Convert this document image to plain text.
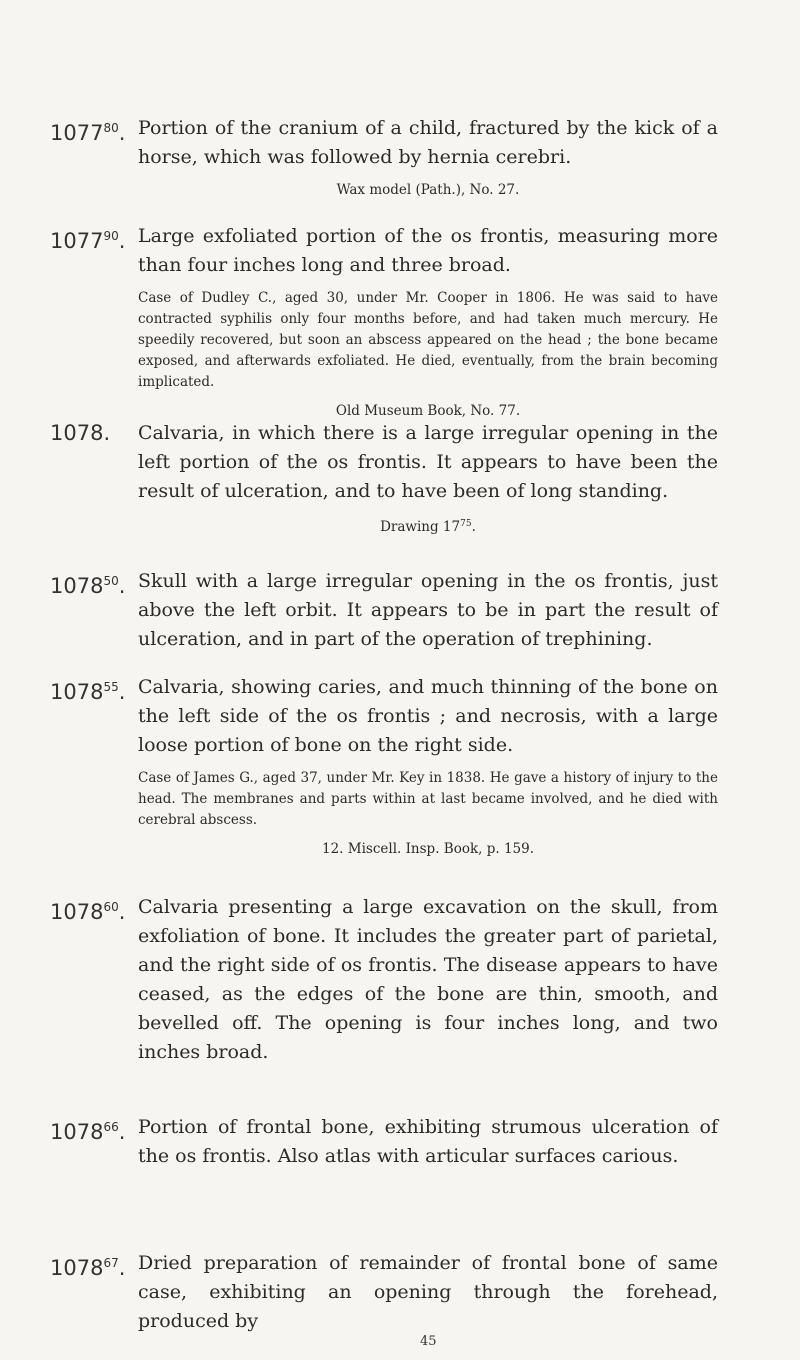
1077$^{80}$. Portion of the cranium of a child, fractured by the kick of a horse, which was followed by hernia cerebri.
Wax model (Path.), No. 27.
1077$^{90}$. Large exfoliated portion of the os frontis, measuring more than four inches long and three broad.
Case of Dudley C., aged 30, under Mr. Cooper in 1806. He was said to have contracted syphilis only four months before, and had taken much mercury. He speedily recovered, but soon an abscess appeared on the head ; the bone became exposed, and afterwards exfoliated. He died, eventually, from the brain becoming implicated.
Old Museum Book, No. 77.
1078. Calvaria, in which there is a large irregular opening in the left portion of the os frontis. It appears to have been the result of ulceration, and to have been of long standing.
Drawing $17^{75}$.
1078$^{50}$. Skull with a large irregular opening in the os frontis, just above the left orbit. It appears to be in part the result of ulceration, and in part of the operation of trephining.
1078$^{55}$. Calvaria, showing caries, and much thinning of the bone on the left side of the os frontis ; and necrosis, with a large loose portion of bone on the right side.
Case of James G., aged 37, under Mr. Key in 1838. He gave a history of injury to the head. The membranes and parts within at last became involved, and he died with cerebral abscess.
12. Miscell. Insp. Book, p. 159.
1078$^{60}$. Calvaria presenting a large excavation on the skull, from exfoliation of bone. It includes the greater part of parietal, and the right side of os frontis. The disease appears to have ceased, as the edges of the bone are thin, smooth, and bevelled off. The opening is four inches long, and two inches broad.
1078$^{66}$. Portion of frontal bone, exhibiting strumous ulceration of the os frontis. Also atlas with articular surfaces carious.
1078$^{67}$. Dried preparation of remainder of frontal bone of same case, exhibiting an opening through the forehead, produced by
45
